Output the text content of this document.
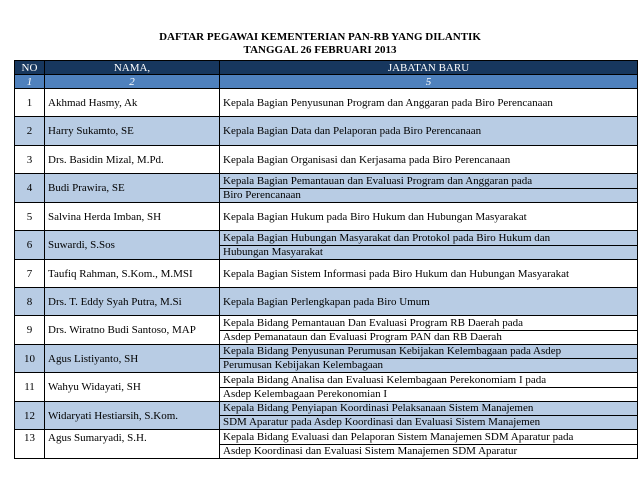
DAFTAR PEGAWAI KEMENTERIAN PAN-RB YANG DILANTIK
TANGGAL 26 FEBRUARI 2013
NO	NAMA,	JABATAN BARU
1	2	5
1	Akhmad Hasmy, Ak	Kepala Bagian Penyusunan Program dan Anggaran pada Biro Perencanaan
2	Harry Sukamto, SE	Kepala Bagian Data dan Pelaporan pada Biro Perencanaan
3	Drs. Basidin Mizal, M.Pd.	Kepala Bagian Organisasi dan Kerjasama pada Biro Perencanaan
4	Budi Prawira, SE	Kepala Bagian Pemantauan dan Evaluasi Program dan Anggaran pada
Biro Perencanaan

5	Salvina Herda Imban, SH	Kepala Bagian Hukum pada Biro Hukum dan Hubungan Masyarakat
6	Suwardi, S.Sos	Kepala Bagian Hubungan Masyarakat dan Protokol pada Biro Hukum dan
Hubungan Masyarakat

7	Taufiq Rahman, S.Kom., M.MSI	Kepala Bagian Sistem Informasi pada Biro Hukum dan Hubungan Masyarakat
8	Drs. T. Eddy Syah Putra, M.Si	Kepala Bagian Perlengkapan pada Biro Umum
9	Drs. Wiratno Budi Santoso, MAP	Kepala Bidang Pemantauan Dan Evaluasi Program RB Daerah pada
Asdep Pemanataun dan Evaluasi Program PAN dan RB Daerah

10	Agus Listiyanto, SH	Kepala Bidang Penyusunan Perumusan Kebijakan Kelembagaan pada Asdep
Perumusan Kebijakan Kelembagaan

11	Wahyu Widayati, SH	Kepala Bidang Analisa dan Evaluasi Kelembagaan Perekonomiam I pada
Asdep Kelembagaan Perekonomian I

12	Widaryati Hestiarsih, S.Kom.	Kepala Bidang Penyiapan Koordinasi Pelaksanaan Sistem Manajemen
SDM Aparatur pada Asdep Koordinasi dan Evaluasi Sistem Manajemen

13	Agus Sumaryadi, S.H.	Kepala Bidang Evaluasi dan Pelaporan Sistem Manajemen SDM Aparatur pada
Asdep Koordinasi dan Evaluasi Sistem Manajemen SDM Aparatur
